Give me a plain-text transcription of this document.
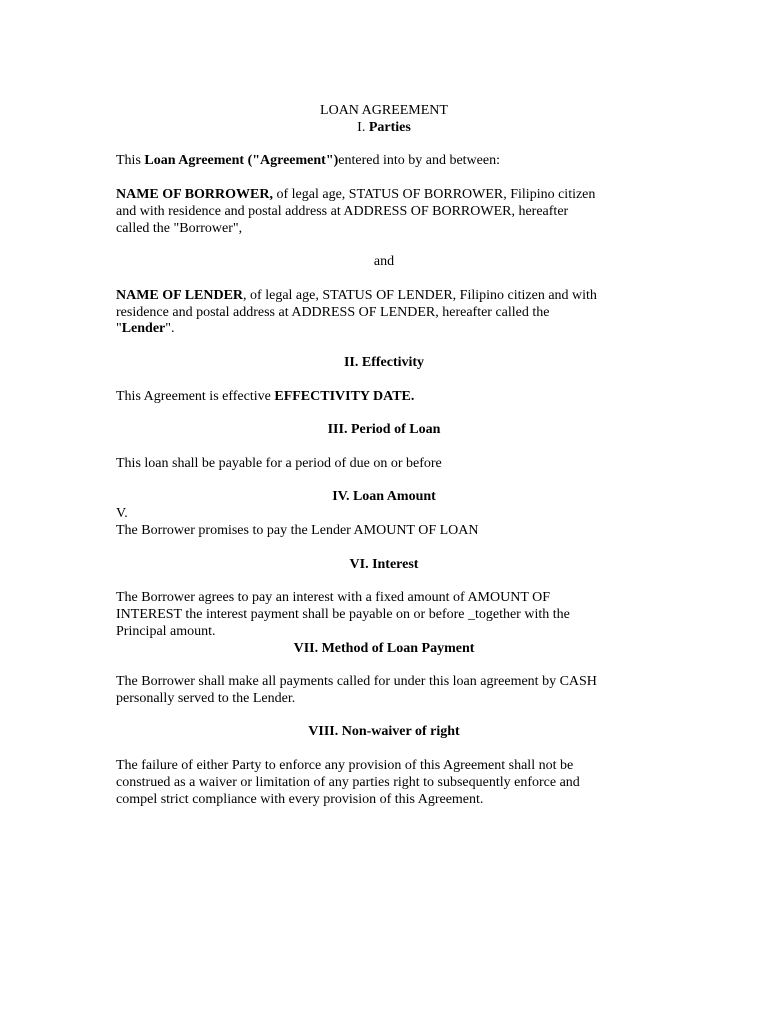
LOAN AGREEMENT

I. Parties

This Loan Agreement ("Agreement")entered into by and between:

NAME OF BORROWER, of legal age, STATUS OF BORROWER, Filipino citizen

and with residence and postal address at ADDRESS OF BORROWER, hereafter

called the "Borrower",

and

NAME OF LENDER, of legal age, STATUS OF LENDER, Filipino citizen and with

residence and postal address at ADDRESS OF LENDER, hereafter called the

"Lender".

II. Effectivity

This Agreement is effective EFFECTIVITY DATE.

III. Period of Loan

This loan shall be payable for a period of due on or before

IV. Loan Amount

V.

The Borrower promises to pay the Lender AMOUNT OF LOAN

VI. Interest

The Borrower agrees to pay an interest with a fixed amount of AMOUNT OF

INTEREST the interest payment shall be payable on or before _together with the

Principal amount.

VII. Method of Loan Payment

The Borrower shall make all payments called for under this loan agreement by CASH

personally served to the Lender.

VIII. Non-waiver of right

The failure of either Party to enforce any provision of this Agreement shall not be

construed as a waiver or limitation of any parties right to subsequently enforce and

compel strict compliance with every provision of this Agreement.
